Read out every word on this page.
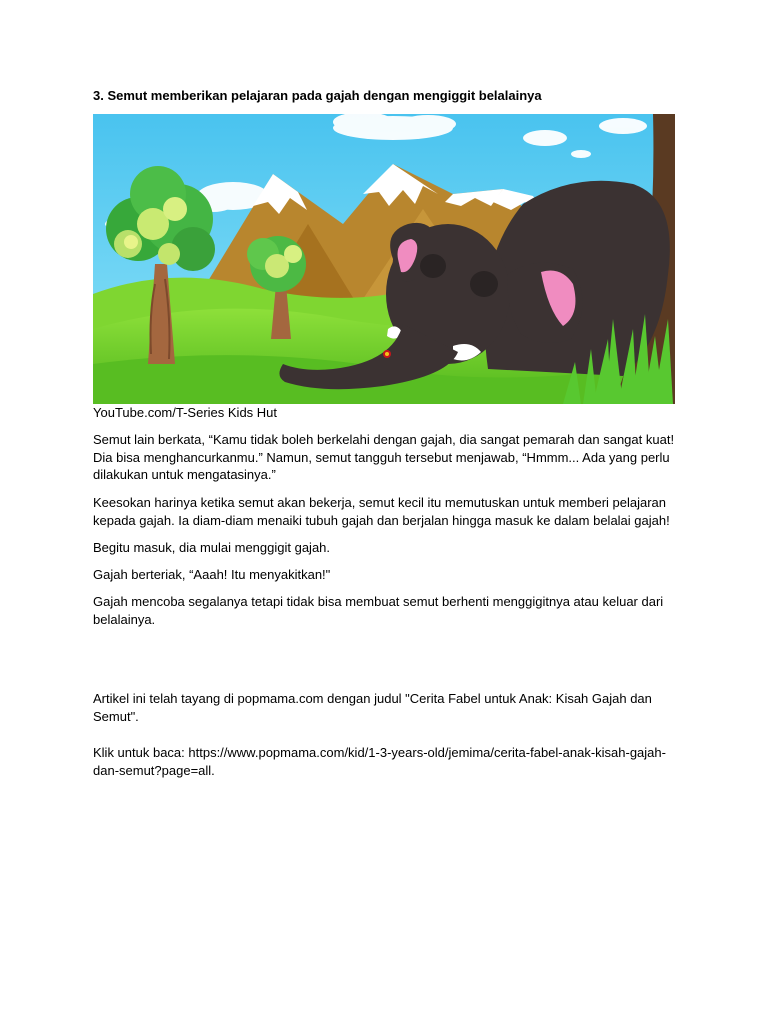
3. Semut memberikan pelajaran pada gajah dengan mengiggit belalainya
YouTube.com/T-Series Kids Hut

Semut lain berkata, “Kamu tidak boleh berkelahi dengan gajah, dia sangat pemarah dan sangat kuat! Dia bisa menghancurkanmu.” Namun, semut tangguh tersebut menjawab, “Hmmm... Ada yang perlu dilakukan untuk mengatasinya.”

Keesokan harinya ketika semut akan bekerja, semut kecil itu memutuskan untuk memberi pelajaran kepada gajah. Ia diam-diam menaiki tubuh gajah dan berjalan hingga masuk ke dalam belalai gajah!

Begitu masuk, dia mulai menggigit gajah.

Gajah berteriak, “Aaah! Itu menyakitkan!"

Gajah mencoba segalanya tetapi tidak bisa membuat semut berhenti menggigitnya atau keluar dari belalainya.

Artikel ini telah tayang di popmama.com dengan judul "Cerita Fabel untuk Anak: Kisah Gajah dan Semut".

Klik untuk baca: https://www.popmama.com/kid/1-3-years-old/jemima/cerita-fabel-anak-kisah-gajah-dan-semut?page=all.
